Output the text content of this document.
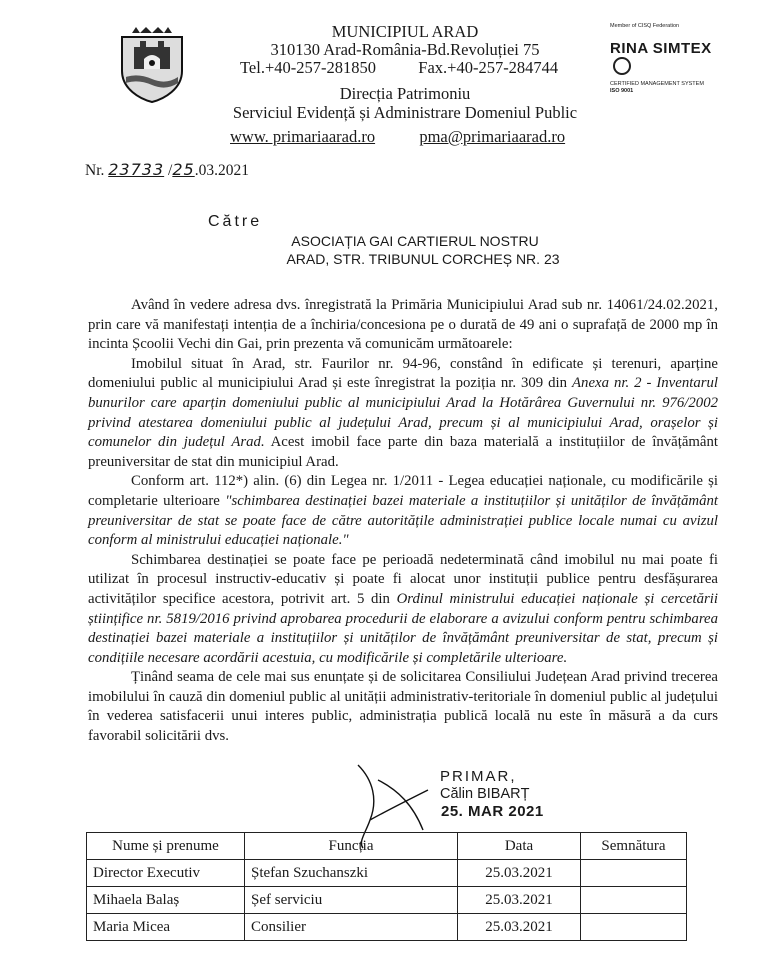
MUNICIPIUL ARAD
310130 Arad-România-Bd.Revoluției 75
Tel.+40-257-281850	Fax.+40-257-284744
Direcția Patrimoniu
Serviciul Evidență și Administrare Domeniul Public
www. primariaarad.ro	pma@primariaarad.ro
Member of CISQ Federation
RINA SIMTEX
CERTIFIED MANAGEMENT SYSTEM
ISO 9001
Nr. 23733 /25.03.2021
Către
ASOCIAȚIA GAI CARTIERUL NOSTRU
ARAD, STR. TRIBUNUL CORCHEȘ NR. 23

Având în vedere adresa dvs. înregistrată la Primăria Municipiului Arad sub nr. 14061/24.02.2021, prin care vă manifestați intenția de a închiria/concesiona pe o durată de 49 ani o suprafață de 2000 mp în incinta Școolii Vechi din Gai, prin prezenta vă comunicăm următoarele:

Imobilul situat în Arad, str. Faurilor nr. 94-96, constând în edificate și terenuri, aparține domeniului public al municipiului Arad și este înregistrat la poziția nr. 309 din Anexa nr. 2 - Inventarul bunurilor care aparțin domeniului public al municipiului Arad la Hotărârea Guvernului nr. 976/2002 privind atestarea domeniului public al județului Arad, precum și al municipiului Arad, orașelor și comunelor din județul Arad. Acest imobil face parte din baza materială a instituțiilor de învățământ preuniversitar de stat din municipiul Arad.

Conform art. 112*) alin. (6) din Legea nr. 1/2011 - Legea educației naționale, cu modificările și completarie ulterioare "schimbarea destinației bazei materiale a instituțiilor și unităților de învățământ preuniversitar de stat se poate face de către autoritățile administrației publice locale numai cu avizul conform al ministrului educației naționale."

Schimbarea destinației se poate face pe perioadă nedeterminată când imobilul nu mai poate fi utilizat în procesul instructiv-educativ și poate fi alocat unor instituții publice pentru desfășurarea activităților specifice acestora, potrivit art. 5 din Ordinul ministrului educației naționale și cercetării științifice nr. 5819/2016 privind aprobarea procedurii de elaborare a avizului conform pentru schimbarea destinației bazei materiale a instituțiilor și unităților de învățământ preuniversitar de stat, precum și condițiile necesare acordării acestuia, cu modificările și completările ulterioare.

Ținând seama de cele mai sus enunțate și de solicitarea Consiliului Județean Arad privind trecerea imobilului în cauză din domeniul public al unității administrativ-teritoriale în domeniul public al județului în vederea satisfacerii unui interes public, administrația publică locală nu este în măsură a da curs favorabil solicitării dvs.

PRIMAR,
Călin BIBARȚ
25. MAR 2021
Nume și prenume	Funcția	Data	Semnătura
Director Executiv	Ștefan Szuchanszki	25.03.2021	
Mihaela Balaș	Șef serviciu	25.03.2021	
Maria Micea	Consilier	25.03.2021	
